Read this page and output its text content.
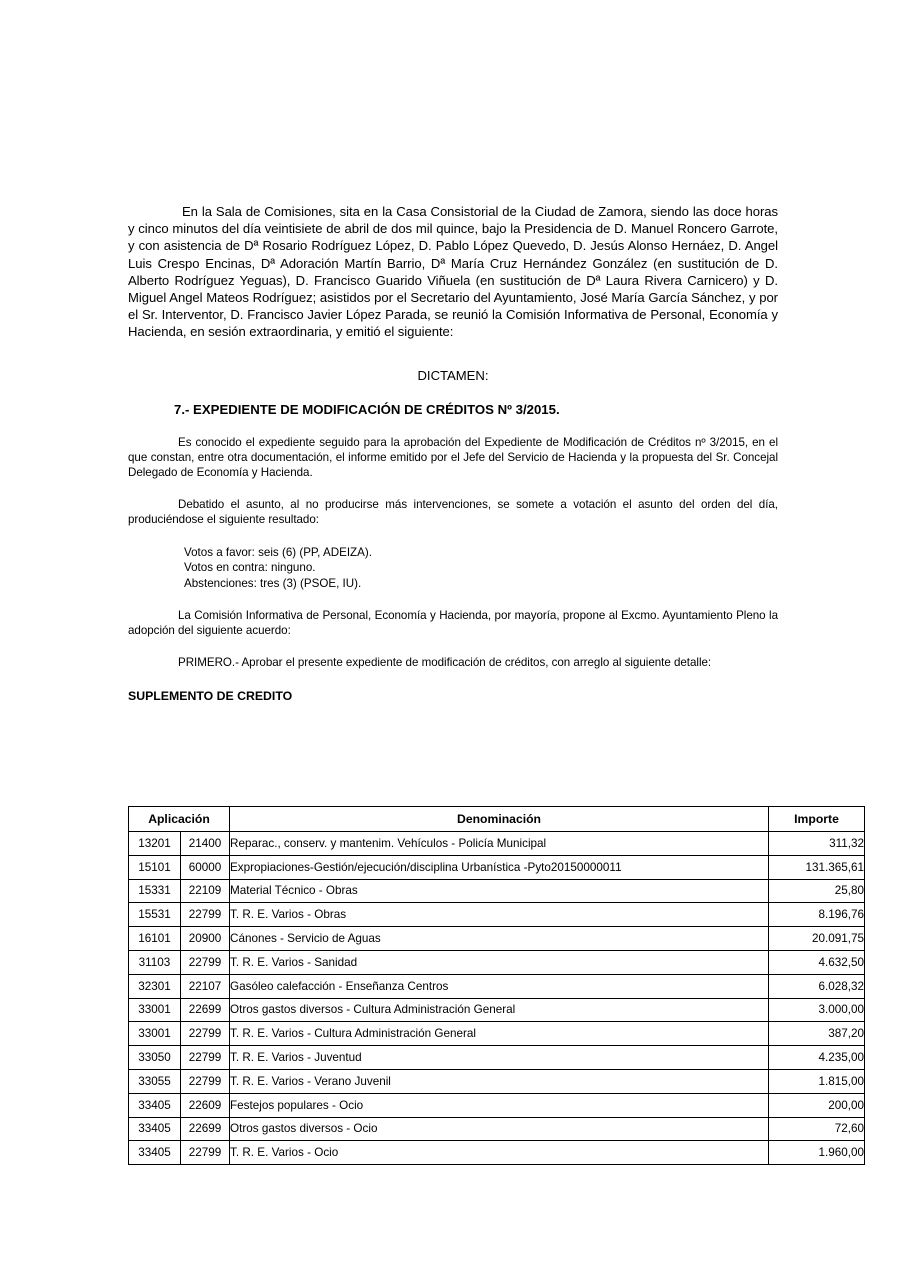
En la Sala de Comisiones, sita en la Casa Consistorial de la Ciudad de Zamora, siendo las doce horas y cinco minutos del día veintisiete de abril de dos mil quince, bajo la Presidencia de D. Manuel Roncero Garrote, y con asistencia de Dª Rosario Rodríguez López, D. Pablo López Quevedo, D. Jesús Alonso Hernáez, D. Angel Luis Crespo Encinas, Dª Adoración Martín Barrio, Dª María Cruz Hernández González (en sustitución de D. Alberto Rodríguez Yeguas), D. Francisco Guarido Viñuela (en sustitución de Dª Laura Rivera Carnicero) y D. Miguel Angel Mateos Rodríguez; asistidos por el Secretario del Ayuntamiento, José María García Sánchez, y por el Sr. Interventor, D. Francisco Javier López Parada, se reunió la Comisión Informativa de Personal, Economía y Hacienda, en sesión extraordinaria, y emitió el siguiente:

DICTAMEN:

7.- EXPEDIENTE DE MODIFICACIÓN DE CRÉDITOS Nº 3/2015.

Es conocido el expediente seguido para la aprobación del Expediente de Modificación de Créditos nº 3/2015, en el que constan, entre otra documentación, el informe emitido por el Jefe del Servicio de Hacienda y la propuesta del Sr. Concejal Delegado de Economía y Hacienda.

Debatido el asunto, al no producirse más intervenciones, se somete a votación el asunto del orden del día, produciéndose el siguiente resultado:

Votos a favor: seis (6) (PP, ADEIZA).
Votos en contra: ninguno.
Abstenciones: tres (3) (PSOE, IU).

La Comisión Informativa de Personal, Economía y Hacienda, por mayoría, propone al Excmo. Ayuntamiento Pleno la adopción del siguiente acuerdo:

PRIMERO.- Aprobar el presente expediente de modificación de créditos, con arreglo al siguiente detalle:

SUPLEMENTO DE CREDITO

Aplicación		Denominación	Importe
13201	21400	Reparac., conserv. y mantenim. Vehículos - Policía Municipal	311,32
15101	60000	Expropiaciones-Gestión/ejecución/disciplina Urbanística -Pyto20150000011	131.365,61
15331	22109	Material Técnico - Obras	25,80
15531	22799	T. R. E. Varios - Obras	8.196,76
16101	20900	Cánones - Servicio de Aguas	20.091,75
31103	22799	T. R. E. Varios - Sanidad	4.632,50
32301	22107	Gasóleo calefacción - Enseñanza Centros	6.028,32
33001	22699	Otros gastos diversos - Cultura Administración General	3.000,00
33001	22799	T. R. E. Varios - Cultura Administración General	387,20
33050	22799	T. R. E. Varios - Juventud	4.235,00
33055	22799	T. R. E. Varios - Verano Juvenil	1.815,00
33405	22609	Festejos populares - Ocio	200,00
33405	22699	Otros gastos diversos - Ocio	72,60
33405	22799	T. R. E. Varios - Ocio	1.960,00
